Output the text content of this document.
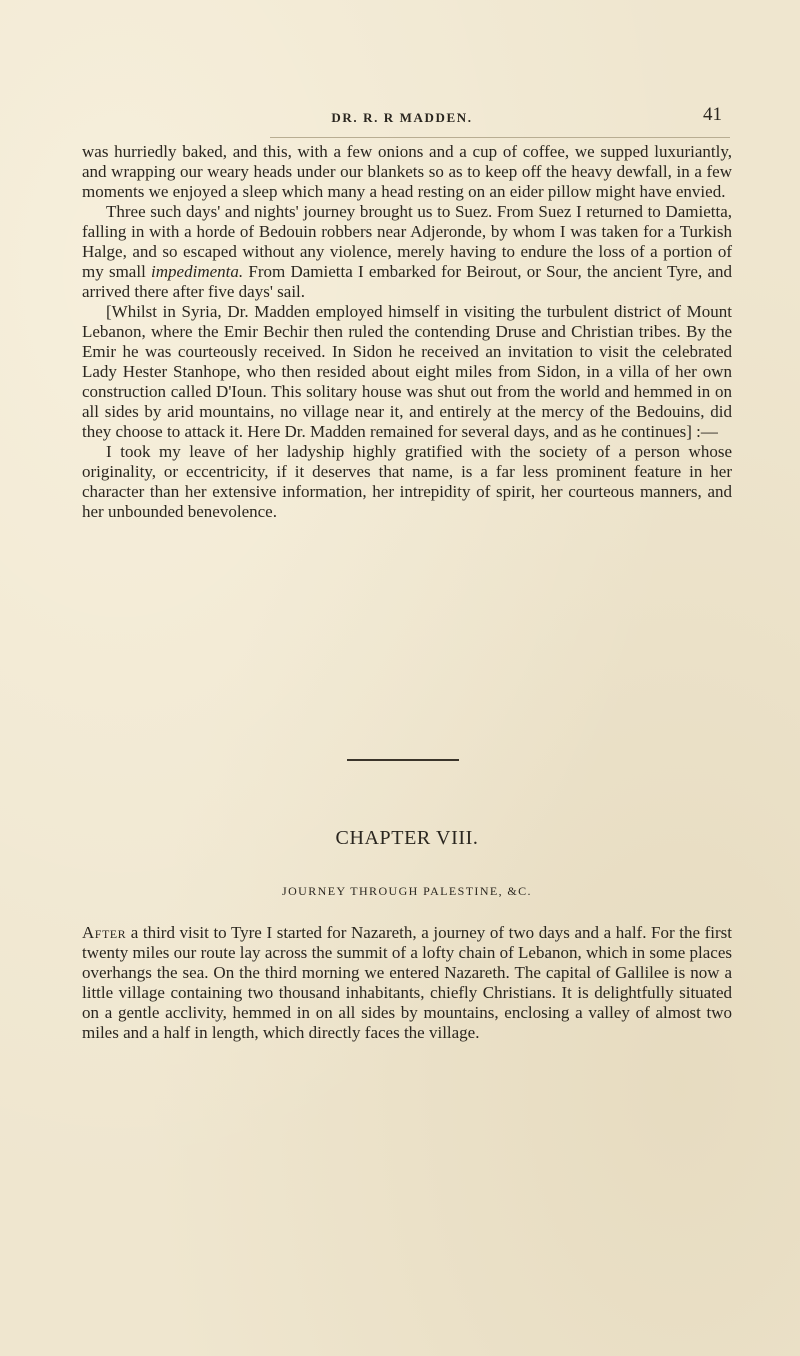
DR. R. R MADDEN.	41

was hurriedly baked, and this, with a few onions and a cup of coffee, we supped luxuriantly, and wrapping our weary heads under our blankets so as to keep off the heavy dewfall, in a few moments we enjoyed a sleep which many a head resting on an eider pillow might have envied.

Three such days' and nights' journey brought us to Suez. From Suez I returned to Damietta, falling in with a horde of Bedouin robbers near Adjeronde, by whom I was taken for a Turkish Halge, and so escaped without any violence, merely having to endure the loss of a portion of my small impedimenta. From Damietta I embarked for Beirout, or Sour, the ancient Tyre, and arrived there after five days' sail.

[Whilst in Syria, Dr. Madden employed himself in visiting the turbulent district of Mount Lebanon, where the Emir Bechir then ruled the contending Druse and Christian tribes. By the Emir he was courteously received. In Sidon he received an invitation to visit the celebrated Lady Hester Stanhope, who then resided about eight miles from Sidon, in a villa of her own construction called D'Ioun. This solitary house was shut out from the world and hemmed in on all sides by arid mountains, no village near it, and entirely at the mercy of the Bedouins, did they choose to attack it. Here Dr. Madden remained for several days, and as he continues] :—

I took my leave of her ladyship highly gratified with the society of a person whose originality, or eccentricity, if it deserves that name, is a far less prominent feature in her character than her extensive information, her intrepidity of spirit, her courteous manners, and her unbounded benevolence.

CHAPTER VIII.
JOURNEY THROUGH PALESTINE, &C.

After a third visit to Tyre I started for Nazareth, a journey of two days and a half. For the first twenty miles our route lay across the summit of a lofty chain of Lebanon, which in some places overhangs the sea. On the third morning we entered Nazareth. The capital of Gallilee is now a little village containing two thousand inhabitants, chiefly Christians. It is delightfully situated on a gentle acclivity, hemmed in on all sides by mountains, enclosing a valley of almost two miles and a half in length, which directly faces the village.
